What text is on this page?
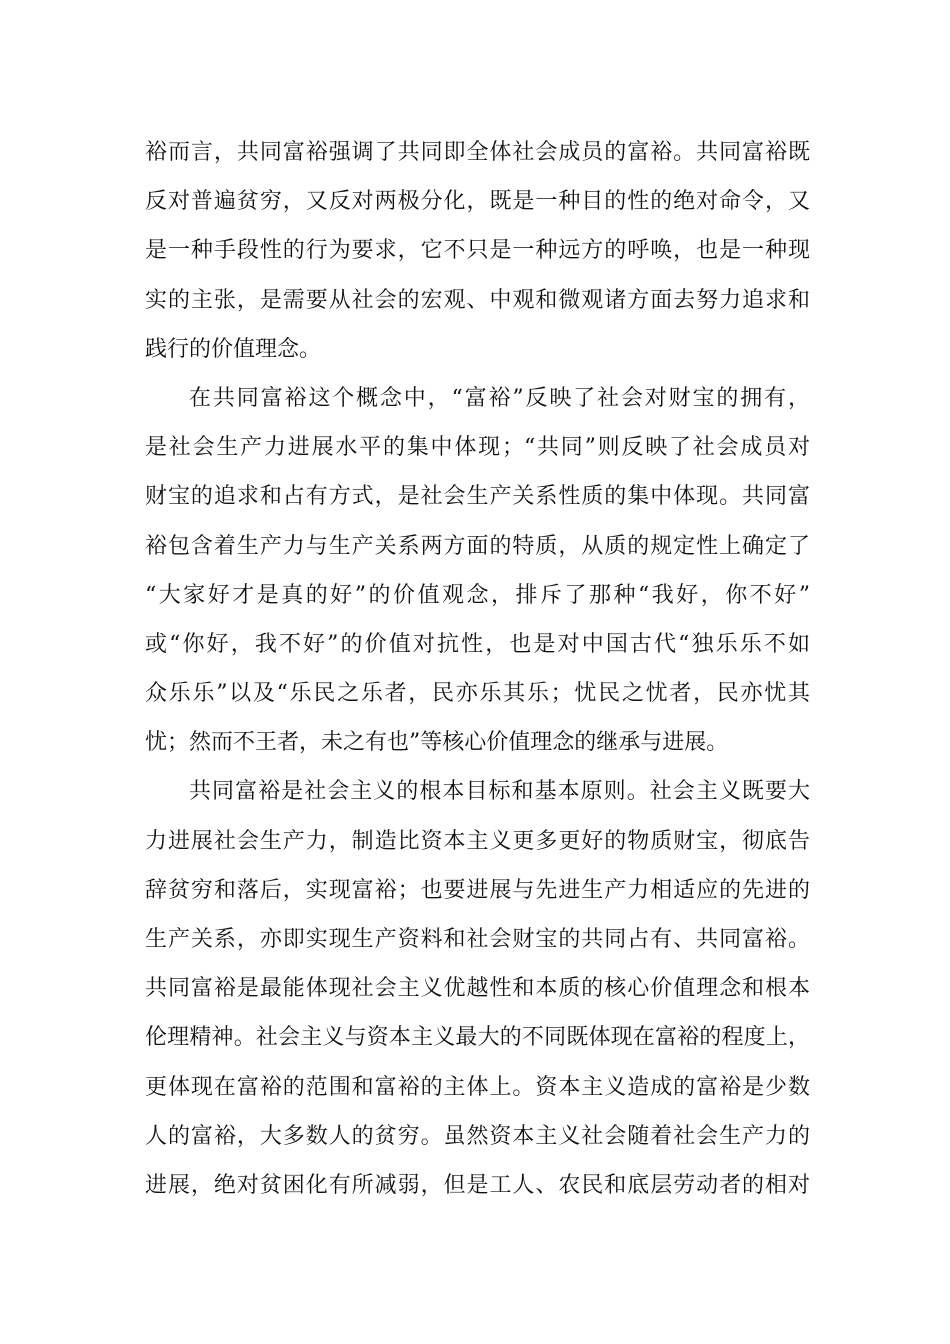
裕而言，共同富裕强调了共同即全体社会成员的富裕。共同富裕既
反对普遍贫穷，又反对两极分化，既是一种目的性的绝对命令，又
是一种手段性的行为要求，它不只是一种远方的呼唤，也是一种现
实的主张，是需要从社会的宏观、中观和微观诸方面去努力追求和
践行的价值理念。
在共同富裕这个概念中，“富裕”反映了社会对财宝的拥有，
是社会生产力进展水平的集中体现；“共同”则反映了社会成员对
财宝的追求和占有方式，是社会生产关系性质的集中体现。共同富
裕包含着生产力与生产关系两方面的特质，从质的规定性上确定了
“大家好才是真的好”的价值观念，排斥了那种“我好，你不好”
或“你好，我不好”的价值对抗性，也是对中国古代“独乐乐不如
众乐乐”以及“乐民之乐者，民亦乐其乐；忧民之忧者，民亦忧其
忧；然而不王者，未之有也”等核心价值理念的继承与进展。
共同富裕是社会主义的根本目标和基本原则。社会主义既要大
力进展社会生产力，制造比资本主义更多更好的物质财宝，彻底告
辞贫穷和落后，实现富裕；也要进展与先进生产力相适应的先进的
生产关系，亦即实现生产资料和社会财宝的共同占有、共同富裕。
共同富裕是最能体现社会主义优越性和本质的核心价值理念和根本
伦理精神。社会主义与资本主义最大的不同既体现在富裕的程度上，
更体现在富裕的范围和富裕的主体上。资本主义造成的富裕是少数
人的富裕，大多数人的贫穷。虽然资本主义社会随着社会生产力的
进展，绝对贫困化有所减弱，但是工人、农民和底层劳动者的相对
